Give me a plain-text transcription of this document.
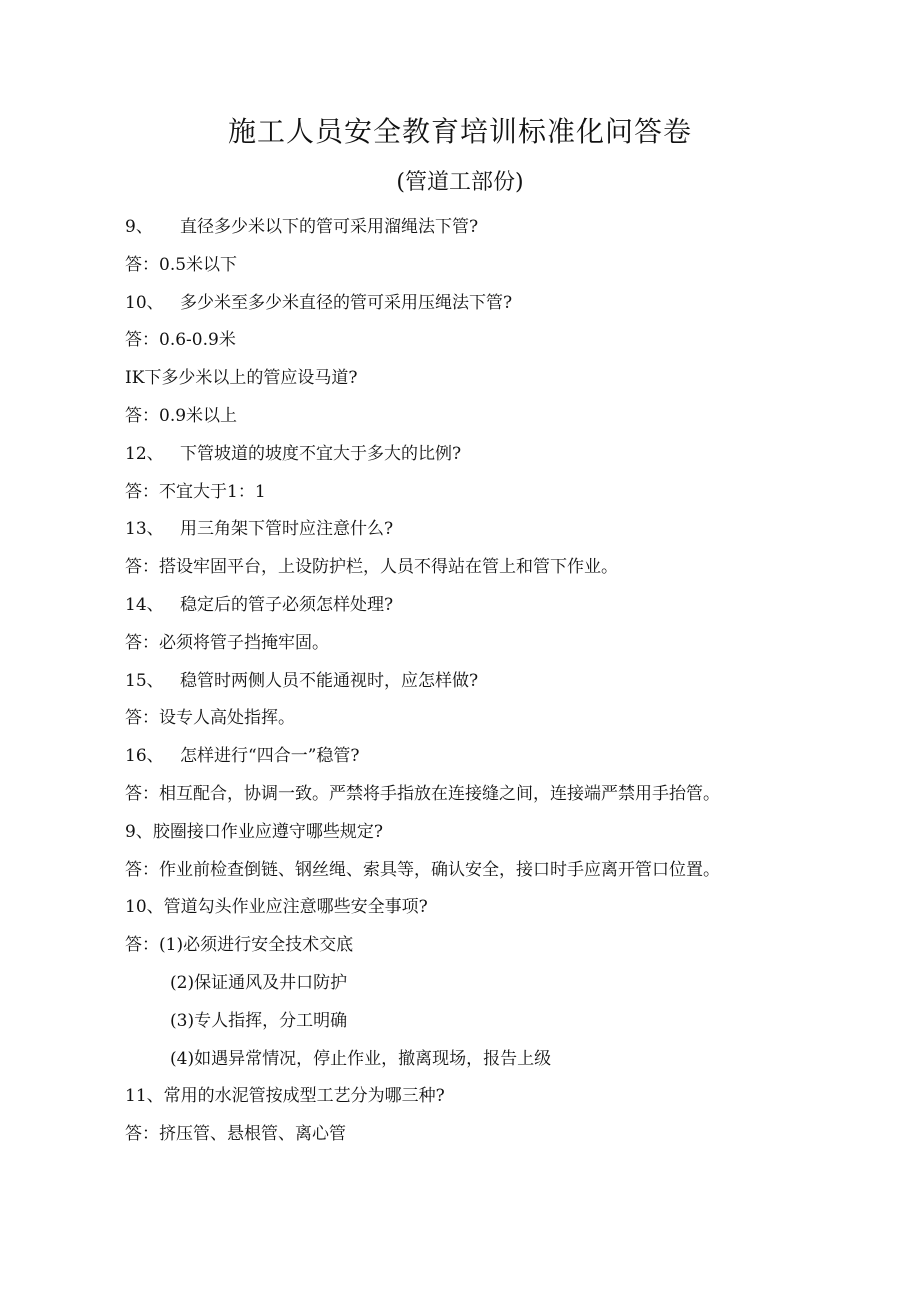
施工人员安全教育培训标准化问答卷
(管道工部份)
9、 直径多少米以下的管可采用溜绳法下管?
答：0.5米以下
10、 多少米至多少米直径的管可采用压绳法下管?
答：0.6-0.9米
IK下多少米以上的管应设马道?
答：0.9米以上
12、 下管坡道的坡度不宜大于多大的比例?
答：不宜大于1：1
13、 用三角架下管时应注意什么?
答：搭设牢固平台，上设防护栏，人员不得站在管上和管下作业。
14、 稳定后的管子必须怎样处理?
答：必须将管子挡掩牢固。
15、 稳管时两侧人员不能通视时，应怎样做?
答：设专人高处指挥。
16、 怎样进行“四合一”稳管?
答：相互配合，协调一致。严禁将手指放在连接缝之间，连接端严禁用手抬管。
9、胶圈接口作业应遵守哪些规定?
答：作业前检查倒链、钢丝绳、索具等，确认安全，接口时手应离开管口位置。
10、管道勾头作业应注意哪些安全事项?
答：(1)必须进行安全技术交底
(2)保证通风及井口防护
(3)专人指挥，分工明确
(4)如遇异常情况，停止作业，撤离现场，报告上级
11、常用的水泥管按成型工艺分为哪三种?
答：挤压管、悬根管、离心管
